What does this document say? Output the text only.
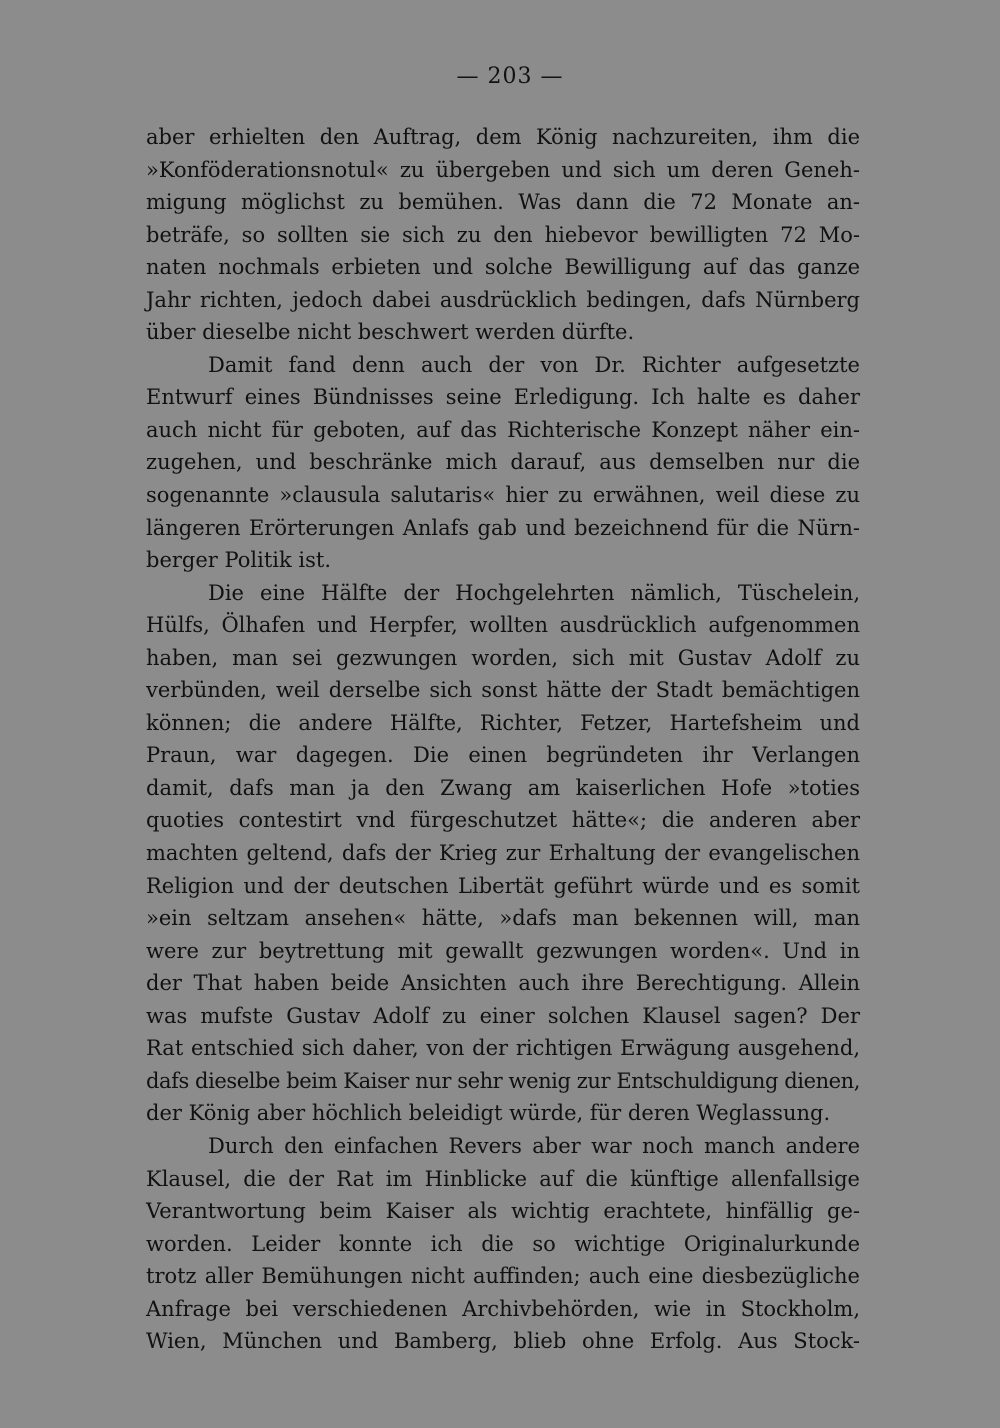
— 203 —
aber erhielten den Auftrag, dem König nachzureiten, ihm die
»Konföderationsnotul« zu übergeben und sich um deren Geneh-
migung möglichst zu bemühen. Was dann die 72 Monate an-
beträfe, so sollten sie sich zu den hiebevor bewilligten 72 Mo-
naten nochmals erbieten und solche Bewilligung auf das ganze
Jahr richten, jedoch dabei ausdrücklich bedingen, dafs Nürnberg
über dieselbe nicht beschwert werden dürfte.
Damit fand denn auch der von Dr. Richter aufgesetzte
Entwurf eines Bündnisses seine Erledigung. Ich halte es daher
auch nicht für geboten, auf das Richterische Konzept näher ein-
zugehen, und beschränke mich darauf, aus demselben nur die
sogenannte »clausula salutaris« hier zu erwähnen, weil diese zu
längeren Erörterungen Anlafs gab und bezeichnend für die Nürn-
berger Politik ist.
Die eine Hälfte der Hochgelehrten nämlich, Tüschelein,
Hülfs, Ölhafen und Herpfer, wollten ausdrücklich aufgenommen
haben, man sei gezwungen worden, sich mit Gustav Adolf zu
verbünden, weil derselbe sich sonst hätte der Stadt bemächtigen
können; die andere Hälfte, Richter, Fetzer, Hartefsheim und
Praun, war dagegen. Die einen begründeten ihr Verlangen
damit, dafs man ja den Zwang am kaiserlichen Hofe »toties
quoties contestirt vnd fürgeschutzet hätte«; die anderen aber
machten geltend, dafs der Krieg zur Erhaltung der evangelischen
Religion und der deutschen Libertät geführt würde und es somit
»ein seltzam ansehen« hätte, »dafs man bekennen will, man
were zur beytrettung mit gewallt gezwungen worden«. Und in
der That haben beide Ansichten auch ihre Berechtigung. Allein
was mufste Gustav Adolf zu einer solchen Klausel sagen? Der
Rat entschied sich daher, von der richtigen Erwägung ausgehend,
dafs dieselbe beim Kaiser nur sehr wenig zur Entschuldigung dienen,
der König aber höchlich beleidigt würde, für deren Weglassung.
Durch den einfachen Revers aber war noch manch andere
Klausel, die der Rat im Hinblicke auf die künftige allenfallsige
Verantwortung beim Kaiser als wichtig erachtete, hinfällig ge-
worden. Leider konnte ich die so wichtige Originalurkunde
trotz aller Bemühungen nicht auffinden; auch eine diesbezügliche
Anfrage bei verschiedenen Archivbehörden, wie in Stockholm,
Wien, München und Bamberg, blieb ohne Erfolg. Aus Stock-
